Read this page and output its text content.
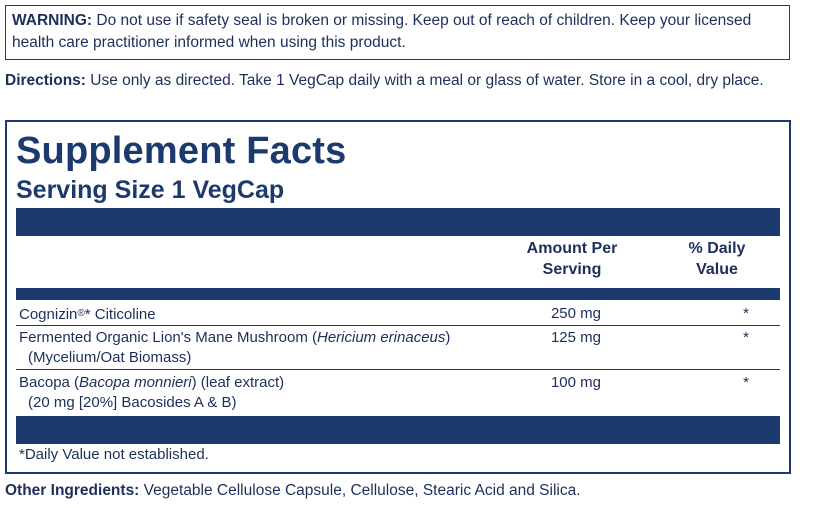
WARNING: Do not use if safety seal is broken or missing. Keep out of reach of children. Keep your licensed health care practitioner informed when using this product.
Directions: Use only as directed. Take 1 VegCap daily with a meal or glass of water. Store in a cool, dry place.
Supplement Facts
Serving Size 1 VegCap
Amount Per
Serving
% Daily
Value
Cognizin®* Citicoline	250 mg	*
Fermented Organic Lion's Mane Mushroom (Hericium erinaceus)
(Mycelium/Oat Biomass)
125 mg	*
Bacopa (Bacopa monnieri) (leaf extract)
(20 mg [20%] Bacosides A & B)
100 mg	*
*Daily Value not established.
Other Ingredients: Vegetable Cellulose Capsule, Cellulose, Stearic Acid and Silica.
